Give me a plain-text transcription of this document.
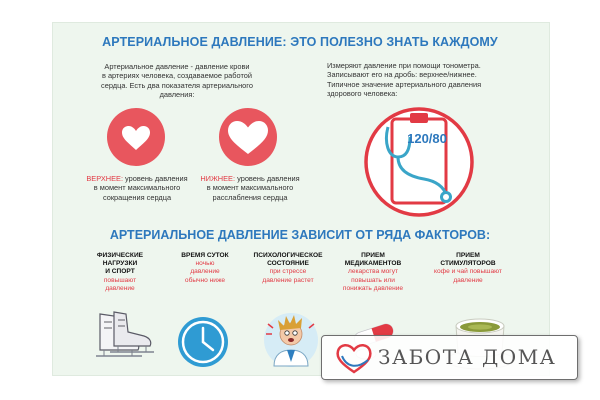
АРТЕРИАЛЬНОЕ ДАВЛЕНИЕ: ЭТО ПОЛЕЗНО ЗНАТЬ КАЖДОМУ
Артериальное давление - давление крови
в артериях человека, создаваемое работой
сердца. Есть два показателя артериального
давления:
Измеряют давление при помощи тонометра.
Записывают его на дробь: верхнее/нижнее.
Типичное значение артериального давления
здорового человека:
ВЕРХНЕЕ: уровень давления
в момент максимального
сокращения сердца
НИЖНЕЕ: уровень давления
в момент максимального
расслабления сердца
120/80
АРТЕРИАЛЬНОЕ ДАВЛЕНИЕ ЗАВИСИТ ОТ РЯДА ФАКТОРОВ:
ФИЗИЧЕСКИЕ
НАГРУЗКИ
И СПОРТ
повышают
давление
ВРЕМЯ СУТОК
ночью
давление
обычно ниже
ПСИХОЛОГИЧЕСКОЕ
СОСТОЯНИЕ
при стрессе
давление растет
ПРИЕМ
МЕДИКАМЕНТОВ
лекарства могут
повышать или
понижать давление
ПРИЕМ
СТИМУЛЯТОРОВ
кофе и чай повышают
давление
ЗАБОТА ДОМА
